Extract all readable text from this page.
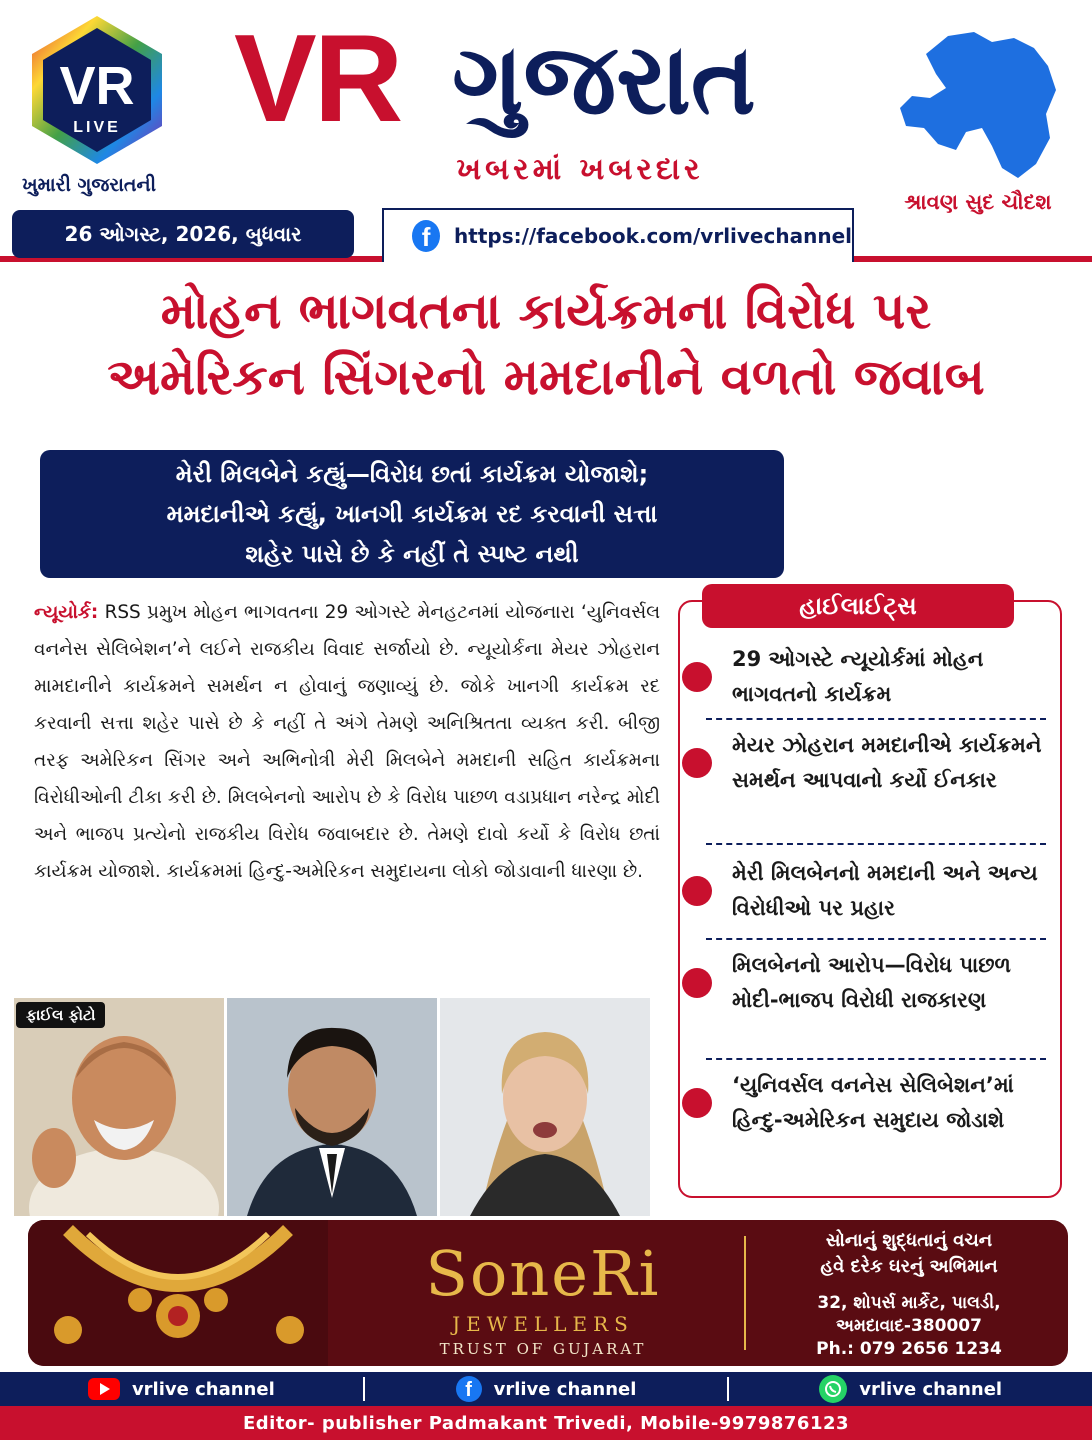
VR
LIVE
ખુમારી ગુજરાતની
26 ઓગસ્ટ, 2026, બુધવાર
VR ગુજરાત
ખબરમાં ખબરદાર
f	https://facebook.com/vrlivechannel
શ્રાવણ સુદ ચૌદશ
મોહન ભાગવતના કાર્યક્રમના વિરોધ પર
અમેરિકન સિંગરનો મમદાનીને વળતો જવાબ
મેરી મિલબેને કહ્યું—વિરોધ છતાં કાર્યક્રમ યોજાશે;
મમદાનીએ કહ્યું, ખાનગી કાર્યક્રમ રદ કરવાની સત્તા
શહેર પાસે છે કે નહીં તે સ્પષ્ટ નથી
ન્યૂયોર્ક: RSS પ્રમુખ મોહન ભાગવતના 29 ઓગસ્ટે મેનહટનમાં યોજનારા ‘યુનિવર્સલ વનનેસ સેલિબેશન’ને લઈને રાજકીય વિવાદ સર્જાયો છે. ન્યૂયોર્કના મેયર ઝોહરાન મામદાનીને કાર્યક્રમને સમર્થન ન હોવાનું જણાવ્યું છે. જોકે ખાનગી કાર્યક્રમ રદ કરવાની સત્તા શહેર પાસે છે કે નહીં તે અંગે તેમણે અનિશ્રિતતા વ્યક્ત કરી. બીજી તરફ અમેરિકન સિંગર અને અભિનોત્રી મેરી મિલબેને મમદાની સહિત કાર્યક્રમના વિરોધીઓની ટીકા કરી છે. મિલબેનનો આરોપ છે કે વિરોધ પાછળ વડાપ્રધાન નરેન્દ્ર મોદી અને ભાજપ પ્રત્યેનો રાજકીય વિરોધ જવાબદાર છે. તેમણે દાવો કર્યો કે વિરોધ છતાં કાર્યક્રમ યોજાશે. કાર્યક્રમમાં હિન્દુ-અમેરિકન સમુદાયના લોકો જોડાવાની ધારણા છે.
ફાઈલ ફોટો
હાઈલાઈટ્સ
29 ઓગસ્ટે ન્યૂયોર્કમાં મોહન ભાગવતનો કાર્યક્રમ
મેયર ઝોહરાન મમદાનીએ કાર્યક્રમને સમર્થન આપવાનો કર્યો ઈનકાર
મેરી મિલબેનનો મમદાની અને અન્ય વિરોધીઓ પર પ્રહાર
મિલબેનનો આરોપ—વિરોધ પાછળ મોદી-ભાજપ વિરોધી રાજકારણ
‘યુનિવર્સલ વનનેસ સેલિબેશન’માં હિન્દુ-અમેરિકન સમુદાય જોડાશે
SoneRi
JEWELLERS
TRUST OF GUJARAT
સોનાનું શુદ્ધતાનું વચન
હવે દરેક ઘરનું અભિમાન
32, શોપર્સ માર્કેટ, પાલડી,
અમદાવાદ-380007
Ph.: 079 2656 1234
vrlive channel	f	vrlive channel	vrlive channel
Editor- publisher Padmakant Trivedi, Mobile-9979876123
